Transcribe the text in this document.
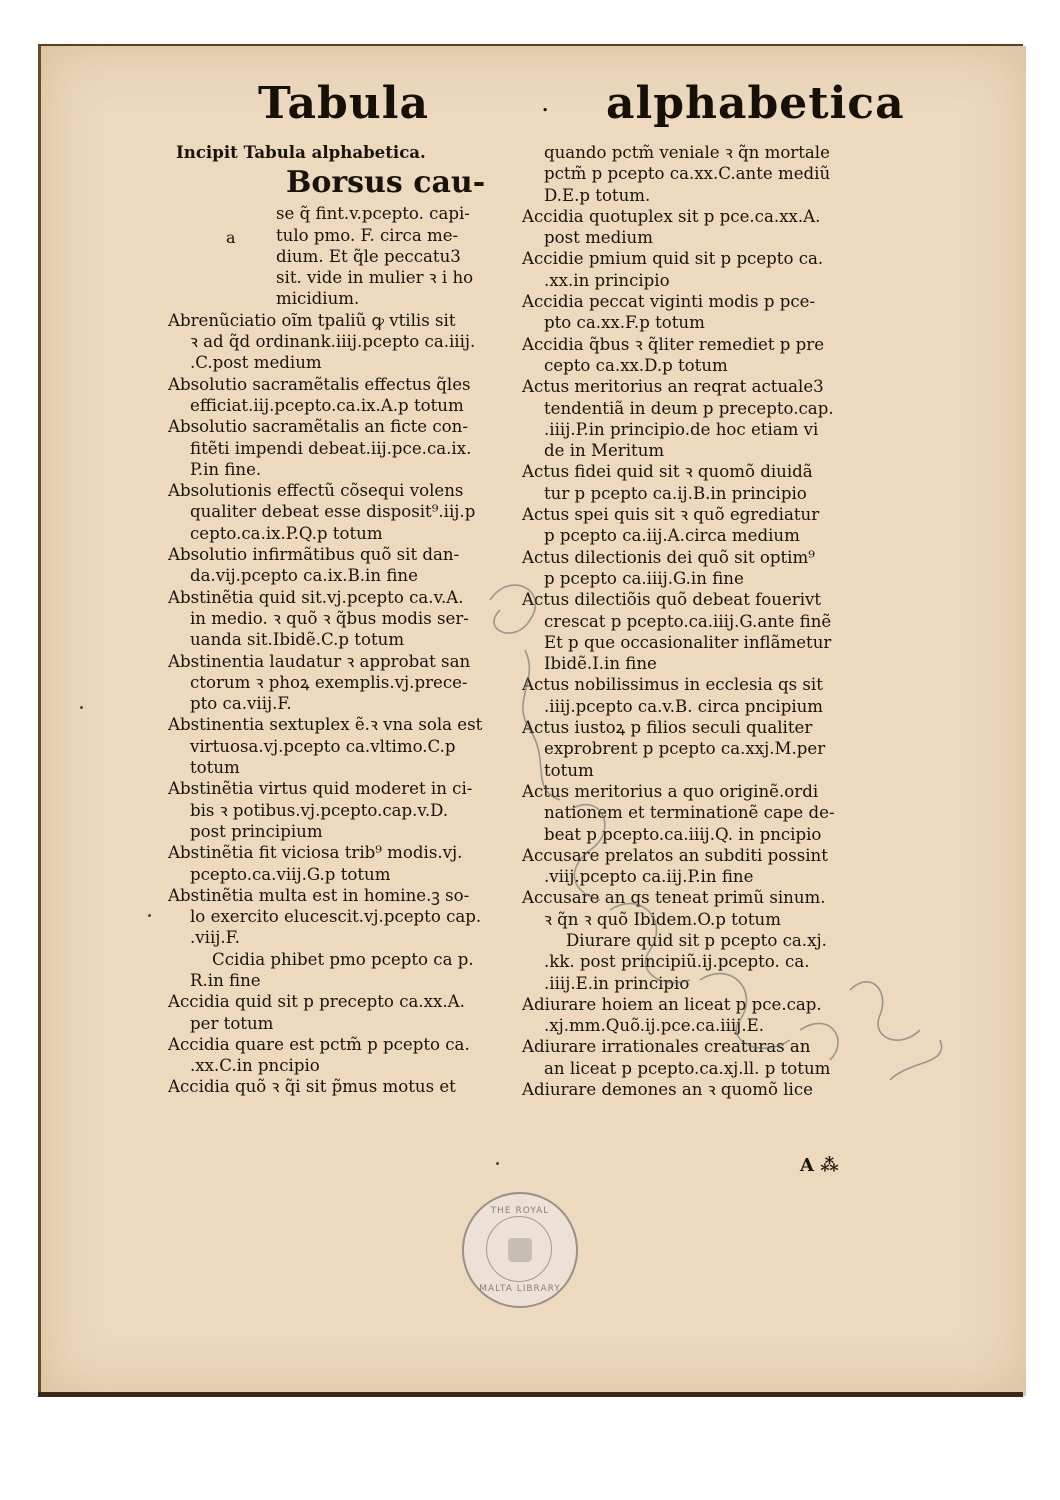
Tabula	. alphabetica
a
Incipit Tabula alphabetica.
Borsus cau-
se q̃ fint.v.pcepto. capi-
tulo pmo. F. circa me-
dium. Et q̃le peccatu3
sit. vide in mulier ꝛ i ho
micidium.
Abrenũciatio oĩm tpaliũ ꝙ vtilis sit
ꝛ ad q̃d ordinank.iiij.pcepto ca.iiij.
.C.post medium
Absolutio sacramẽtalis effectus q̃les
efficiat.iij.pcepto.ca.ix.A.p totum
Absolutio sacramẽtalis an ficte con-
fitẽti impendi debeat.iij.pce.ca.ix.
P.in fine.
Absolutionis effectũ cõsequi volens
qualiter debeat esse disposit⁹.iij.p
cepto.ca.ix.P.Q.p totum
Absolutio infirmãtibus quõ sit dan-
da.vij.pcepto ca.ix.B.in fine
Abstinẽtia quid sit.vj.pcepto ca.v.A.
in medio. ꝛ quõ ꝛ q̃bus modis ser-
uanda sit.Ibidẽ.C.p totum
Abstinentia laudatur ꝛ approbat san
ctorum ꝛ phoꝝ exemplis.vj.prece-
pto ca.viij.F.
Abstinentia sextuplex ẽ.ꝛ vna sola est
virtuosa.vj.pcepto ca.vltimo.C.p
totum
Abstinẽtia virtus quid moderet in ci-
bis ꝛ potibus.vj.pcepto.cap.v.D.
post principium
Abstinẽtia fit viciosa trib⁹ modis.vj.
pcepto.ca.viij.G.p totum
Abstinẽtia multa est in homine.ꝫ so-
lo exercito elucescit.vj.pcepto cap.
.viij.F.
Ccidia phibet pmo pcepto ca p.
R.in fine
Accidia quid sit p precepto ca.xx.A.
per totum
Accidia quare est pctm̃ p pcepto ca.
.xx.C.in pncipio
Accidia quõ ꝛ q̃i sit p̃mus motus et
quando pctm̃ veniale ꝛ q̃n mortale
pctm̃ p pcepto ca.xx.C.ante mediũ
D.E.p totum.
Accidia quotuplex sit p pce.ca.xx.A.
post medium
Accidie pmium quid sit p pcepto ca.
.xx.in principio
Accidia peccat viginti modis p pce-
pto ca.xx.F.p totum
Accidia q̃bus ꝛ q̃liter remediet p pre
cepto ca.xx.D.p totum
Actus meritorius an reqrat actuale3
tendentiã in deum p precepto.cap.
.iiij.P.in principio.de hoc etiam vi
de in Meritum
Actus fidei quid sit ꝛ quomõ diuidã
tur p pcepto ca.ij.B.in principio
Actus spei quis sit ꝛ quõ egrediatur
p pcepto ca.iij.A.circa medium
Actus dilectionis dei quõ sit optim⁹
p pcepto ca.iiij.G.in fine
Actus dilectiõis quõ debeat fouerivt
crescat p pcepto.ca.iiij.G.ante finẽ
Et p que occasionaliter inflãmetur
Ibidẽ.I.in fine
Actus nobilissimus in ecclesia qs sit
.iiij.pcepto ca.v.B. circa pncipium
Actus iustoꝝ p filios seculi qualiter
exprobrent p pcepto ca.xxj.M.per
totum
Actus meritorius a quo originẽ.ordi
nationem et terminationẽ cape de-
beat p pcepto.ca.iiij.Q. in pncipio
Accusare prelatos an subditi possint
.viij.pcepto ca.iij.P.in fine
Accusare an qs teneat primũ sinum.
ꝛ q̃n ꝛ quõ Ibidem.O.p totum
Diurare quid sit p pcepto ca.xj.
.kk. post principiũ.ij.pcepto. ca.
.iiij.E.in principio
Adiurare hoiem an liceat p pce.cap.
.xj.mm.Quõ.ij.pce.ca.iiij.E.
Adiurare irrationales creaturas an
an liceat p pcepto.ca.xj.ll. p totum
Adiurare demones an ꝛ quomõ lice
A ⁂
THE ROYAL
MALTA LIBRARY
